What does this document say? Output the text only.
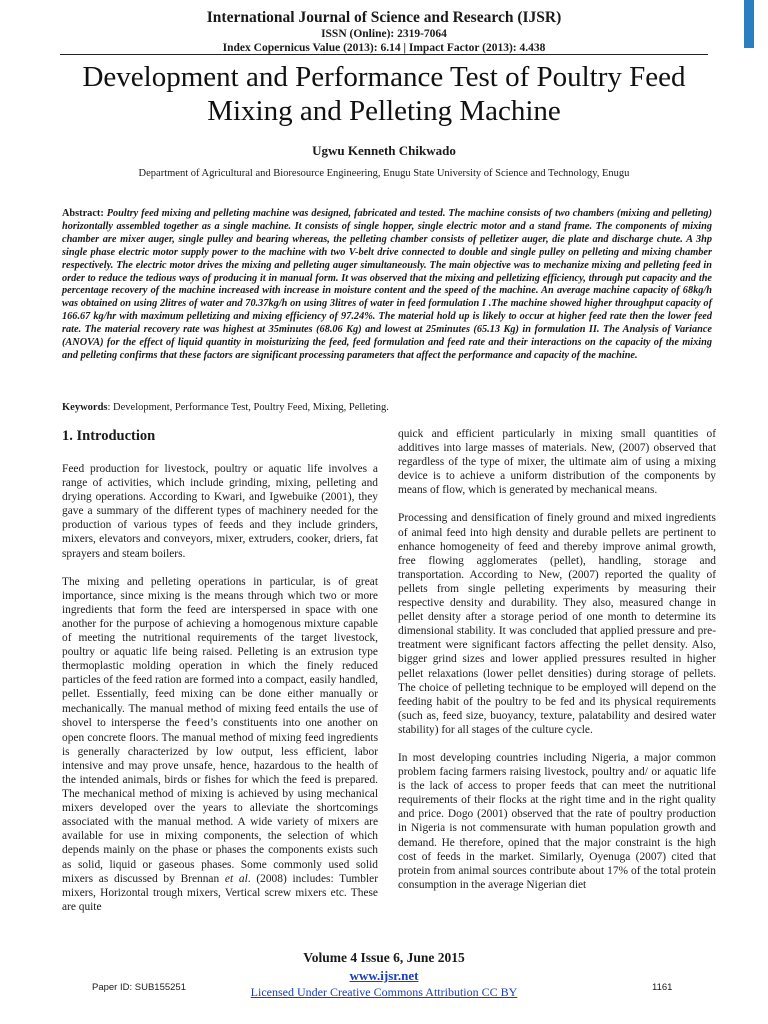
International Journal of Science and Research (IJSR)
ISSN (Online): 2319-7064
Index Copernicus Value (2013): 6.14 | Impact Factor (2013): 4.438
Development and Performance Test of Poultry Feed
Mixing and Pelleting Machine
Ugwu Kenneth Chikwado
Department of Agricultural and Bioresource Engineering, Enugu State University of Science and Technology, Enugu
Abstract: Poultry feed mixing and pelleting machine was designed, fabricated and tested. The machine consists of two chambers (mixing and pelleting) horizontally assembled together as a single machine. It consists of single hopper, single electric motor and a stand frame. The components of mixing chamber are mixer auger, single pulley and bearing whereas, the pelleting chamber consists of pelletizer auger, die plate and discharge chute. A 3hp single phase electric motor supply power to the machine with two V-belt drive connected to double and single pulley on pelleting and mixing chamber respectively. The electric motor drives the mixing and pelleting auger simultaneously. The main objective was to mechanize mixing and pelleting feed in order to reduce the tedious ways of producing it in manual form. It was observed that the mixing and pelletizing efficiency, through put capacity and the percentage recovery of the machine increased with increase in moisture content and the speed of the machine. An average machine capacity of 68kg/h was obtained on using 2litres of water and 70.37kg/h on using 3litres of water in feed formulation I .The machine showed higher throughput capacity of 166.67 kg/hr with maximum pelletizing and mixing efficiency of 97.24%. The material hold up is likely to occur at higher feed rate then the lower feed rate. The material recovery rate was highest at 35minutes (68.06 Kg) and lowest at 25minutes (65.13 Kg) in formulation II. The Analysis of Variance (ANOVA) for the effect of liquid quantity in moisturizing the feed, feed formulation and feed rate and their interactions on the capacity of the mixing and pelleting confirms that these factors are significant processing parameters that affect the performance and capacity of the machine.
Keywords: Development, Performance Test, Poultry Feed, Mixing, Pelleting.
1. Introduction

Feed production for livestock, poultry or aquatic life involves a range of activities, which include grinding, mixing, pelleting and drying operations. According to Kwari, and Igwebuike (2001), they gave a summary of the different types of machinery needed for the production of various types of feeds and they include grinders, mixers, elevators and conveyors, mixer, extruders, cooker, driers, fat sprayers and steam boilers.

The mixing and pelleting operations in particular, is of great importance, since mixing is the means through which two or more ingredients that form the feed are interspersed in space with one another for the purpose of achieving a homogenous mixture capable of meeting the nutritional requirements of the target livestock, poultry or aquatic life being raised. Pelleting is an extrusion type thermoplastic molding operation in which the finely reduced particles of the feed ration are formed into a compact, easily handled, pellet. Essentially, feed mixing can be done either manually or mechanically. The manual method of mixing feed entails the use of shovel to intersperse the feed’s constituents into one another on open concrete floors. The manual method of mixing feed ingredients is generally characterized by low output, less efficient, labor intensive and may prove unsafe, hence, hazardous to the health of the intended animals, birds or fishes for which the feed is prepared. The mechanical method of mixing is achieved by using mechanical mixers developed over the years to alleviate the shortcomings associated with the manual method. A wide variety of mixers are available for use in mixing components, the selection of which depends mainly on the phase or phases the components exists such as solid, liquid or gaseous phases. Some commonly used solid mixers as discussed by Brennan et al. (2008) includes: Tumbler mixers, Horizontal trough mixers, Vertical screw mixers etc. These are quite

quick and efficient particularly in mixing small quantities of additives into large masses of materials. New, (2007) observed that regardless of the type of mixer, the ultimate aim of using a mixing device is to achieve a uniform distribution of the components by means of flow, which is generated by mechanical means.

Processing and densification of finely ground and mixed ingredients of animal feed into high density and durable pellets are pertinent to enhance homogeneity of feed and thereby improve animal growth, free flowing agglomerates (pellet), handling, storage and transportation. According to New, (2007) reported the quality of pellets from single pelleting experiments by measuring their respective density and durability. They also, measured change in pellet density after a storage period of one month to determine its dimensional stability. It was concluded that applied pressure and pre-treatment were significant factors affecting the pellet density. Also, bigger grind sizes and lower applied pressures resulted in higher pellet relaxations (lower pellet densities) during storage of pellets. The choice of pelleting technique to be employed will depend on the feeding habit of the poultry to be fed and its physical requirements (such as, feed size, buoyancy, texture, palatability and desired water stability) for all stages of the culture cycle.

In most developing countries including Nigeria, a major common problem facing farmers raising livestock, poultry and/ or aquatic life is the lack of access to proper feeds that can meet the nutritional requirements of their flocks at the right time and in the right quality and price. Dogo (2001) observed that the rate of poultry production in Nigeria is not commensurate with human population growth and demand. He therefore, opined that the major constraint is the high cost of feeds in the market. Similarly, Oyenuga (2007) cited that protein from animal sources contribute about 17% of the total protein consumption in the average Nigerian diet

Volume 4 Issue 6, June 2015
www.ijsr.net
Licensed Under Creative Commons Attribution CC BY
Paper ID: SUB155251	1161
